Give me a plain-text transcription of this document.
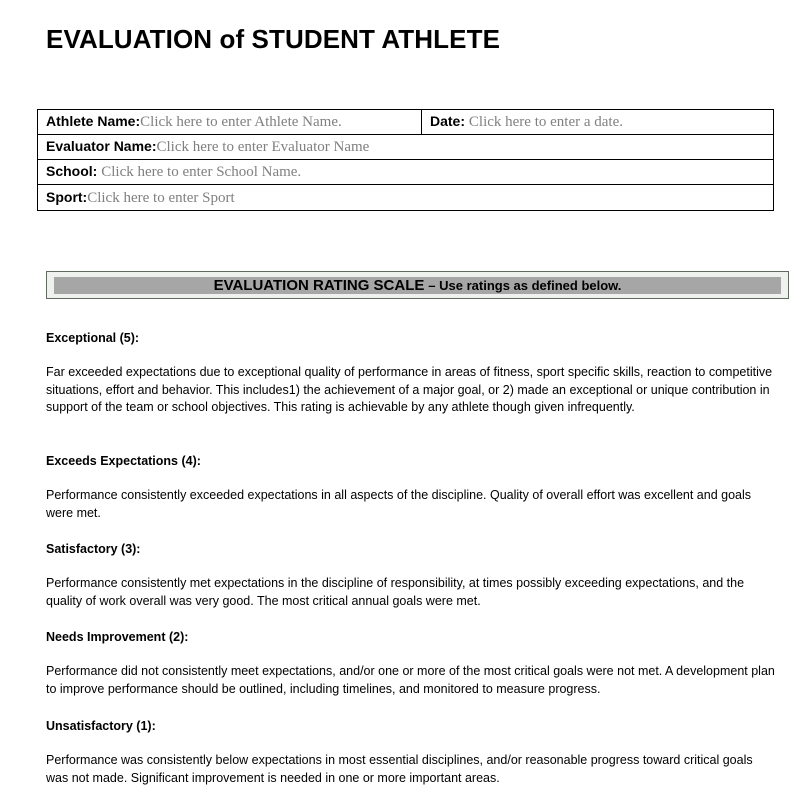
EVALUATION of STUDENT ATHLETE
Athlete Name:Click here to enter Athlete Name.	Date: Click here to enter a date.
Evaluator Name:Click here to enter Evaluator Name
School: Click here to enter School Name.
Sport:Click here to enter Sport
EVALUATION RATING SCALE – Use ratings as defined below.
Exceptional (5):
Far exceeded expectations due to exceptional quality of performance in areas of fitness, sport specific skills, reaction to competitive situations, effort and behavior. This includes1) the achievement of a major goal, or 2) made an exceptional or unique contribution in support of the team or school objectives. This rating is achievable by any athlete though given infrequently.
Exceeds Expectations (4):
Performance consistently exceeded expectations in all aspects of the discipline. Quality of overall effort was excellent and goals were met.
Satisfactory (3):
Performance consistently met expectations in the discipline of responsibility, at times possibly exceeding expectations, and the quality of work overall was very good. The most critical annual goals were met.
Needs Improvement (2):
Performance did not consistently meet expectations, and/or one or more of the most critical goals were not met. A development plan to improve performance should be outlined, including timelines, and monitored to measure progress.
Unsatisfactory (1):
Performance was consistently below expectations in most essential disciplines, and/or reasonable progress toward critical goals was not made. Significant improvement is needed in one or more important areas.
